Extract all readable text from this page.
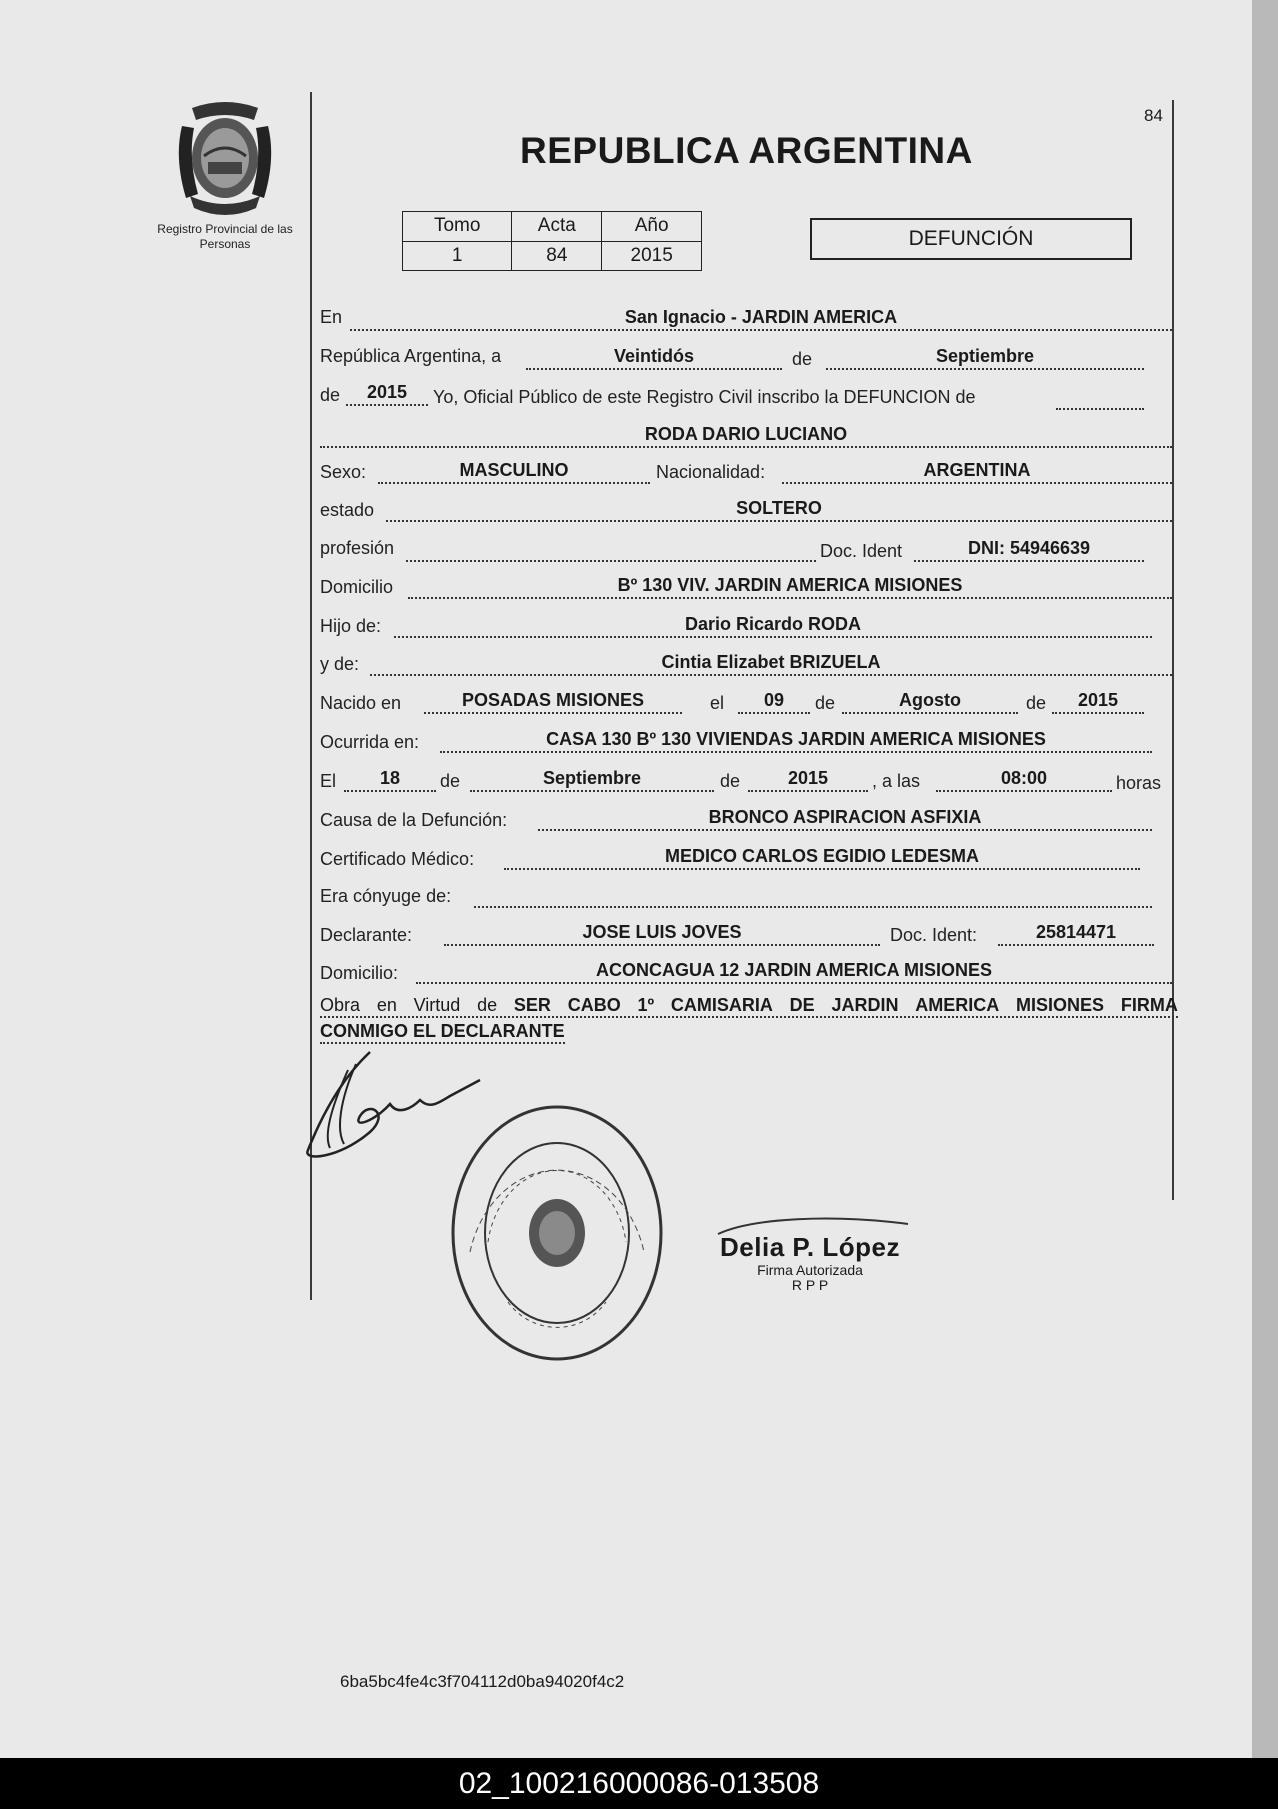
Registro Provincial de las Personas
84
REPUBLICA ARGENTINA
Tomo	Acta	Año
1	84	2015
DEFUNCIÓN
En	San Ignacio - JARDIN AMERICA
República Argentina, a	Veintidós	de	Septiembre
de	2015	Yo, Oficial Público de este Registro Civil inscribo la DEFUNCION de
RODA DARIO LUCIANO
Sexo:	MASCULINO	Nacionalidad:	ARGENTINA
estado	SOLTERO
profesión	Doc. Ident	DNI: 54946639
Domicilio	Bº 130 VIV. JARDIN AMERICA MISIONES
Hijo de:	Dario Ricardo RODA
y de:	Cintia Elizabet BRIZUELA
Nacido en	POSADAS MISIONES	el	09	de	Agosto	de	2015
Ocurrida en:	CASA 130 Bº 130 VIVIENDAS JARDIN AMERICA MISIONES
El	18	de	Septiembre	de	2015	, a las	08:00	horas
Causa de la Defunción:	BRONCO ASPIRACION ASFIXIA
Certificado Médico:	MEDICO CARLOS EGIDIO LEDESMA
Era cónyuge de:
Declarante:	JOSE LUIS JOVES	Doc. Ident:	25814471
Domicilio:	ACONCAGUA 12 JARDIN AMERICA MISIONES
Obra en Virtud de SER CABO 1º CAMISARIA DE JARDIN AMERICA MISIONES FIRMA
CONMIGO EL DECLARANTE
Delia P. López
Firma Autorizada
R P P
6ba5bc4fe4c3f704112d0ba94020f4c2
02_100216000086-013508
